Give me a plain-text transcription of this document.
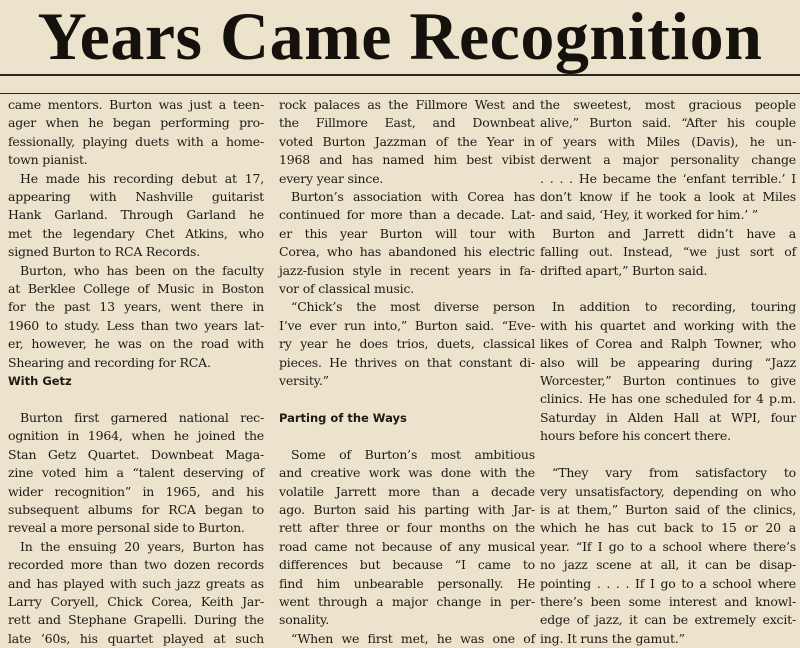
Years Came Recognition
came mentors. Burton was just a teen-
ager when he began performing pro-
fessionally, playing duets with a home-
town pianist.
He made his recording debut at 17,
appearing with Nashville guitarist
Hank Garland. Through Garland he
met the legendary Chet Atkins, who
signed Burton to RCA Records.
Burton, who has been on the faculty
at Berklee College of Music in Boston
for the past 13 years, went there in
1960 to study. Less than two years lat-
er, however, he was on the road with
Shearing and recording for RCA.
With Getz
Burton first garnered national rec-
ognition in 1964, when he joined the
Stan Getz Quartet. Downbeat Maga-
zine voted him a “talent deserving of
wider recognition” in 1965, and his
subsequent albums for RCA began to
reveal a more personal side to Burton.
In the ensuing 20 years, Burton has
recorded more than two dozen records
and has played with such jazz greats as
Larry Coryell, Chick Corea, Keith Jar-
rett and Stephane Grapelli. During the
late ’60s, his quartet played at such
rock palaces as the Fillmore West and
the Fillmore East, and Downbeat
voted Burton Jazzman of the Year in
1968 and has named him best vibist
every year since.
Burton’s association with Corea has
continued for more than a decade. Lat-
er this year Burton will tour with
Corea, who has abandoned his electric
jazz-fusion style in recent years in fa-
vor of classical music.
“Chick’s the most diverse person
I’ve ever run into,” Burton said. “Eve-
ry year he does trios, duets, classical
pieces. He thrives on that constant di-
versity.”
Parting of the Ways
Some of Burton’s most ambitious
and creative work was done with the
volatile Jarrett more than a decade
ago. Burton said his parting with Jar-
rett after three or four months on the
road came not because of any musical
differences but because “I came to
find him unbearable personally. He
went through a major change in per-
sonality.
“When we first met, he was one of
the sweetest, most gracious people
alive,” Burton said. “After his couple
of years with Miles (Davis), he un-
derwent a major personality change
. . . . He became the ‘enfant terrible.’ I
don’t know if he took a look at Miles
and said, ‘Hey, it worked for him.’ ”
Burton and Jarrett didn’t have a
falling out. Instead, “we just sort of
drifted apart,” Burton said.
In addition to recording, touring
with his quartet and working with the
likes of Corea and Ralph Towner, who
also will be appearing during “Jazz
Worcester,” Burton continues to give
clinics. He has one scheduled for 4 p.m.
Saturday in Alden Hall at WPI, four
hours before his concert there.
“They vary from satisfactory to
very unsatisfactory, depending on who
is at them,” Burton said of the clinics,
which he has cut back to 15 or 20 a
year. “If I go to a school where there’s
no jazz scene at all, it can be disap-
pointing . . . . If I go to a school where
there’s been some interest and knowl-
edge of jazz, it can be extremely excit-
ing. It runs the gamut.”
